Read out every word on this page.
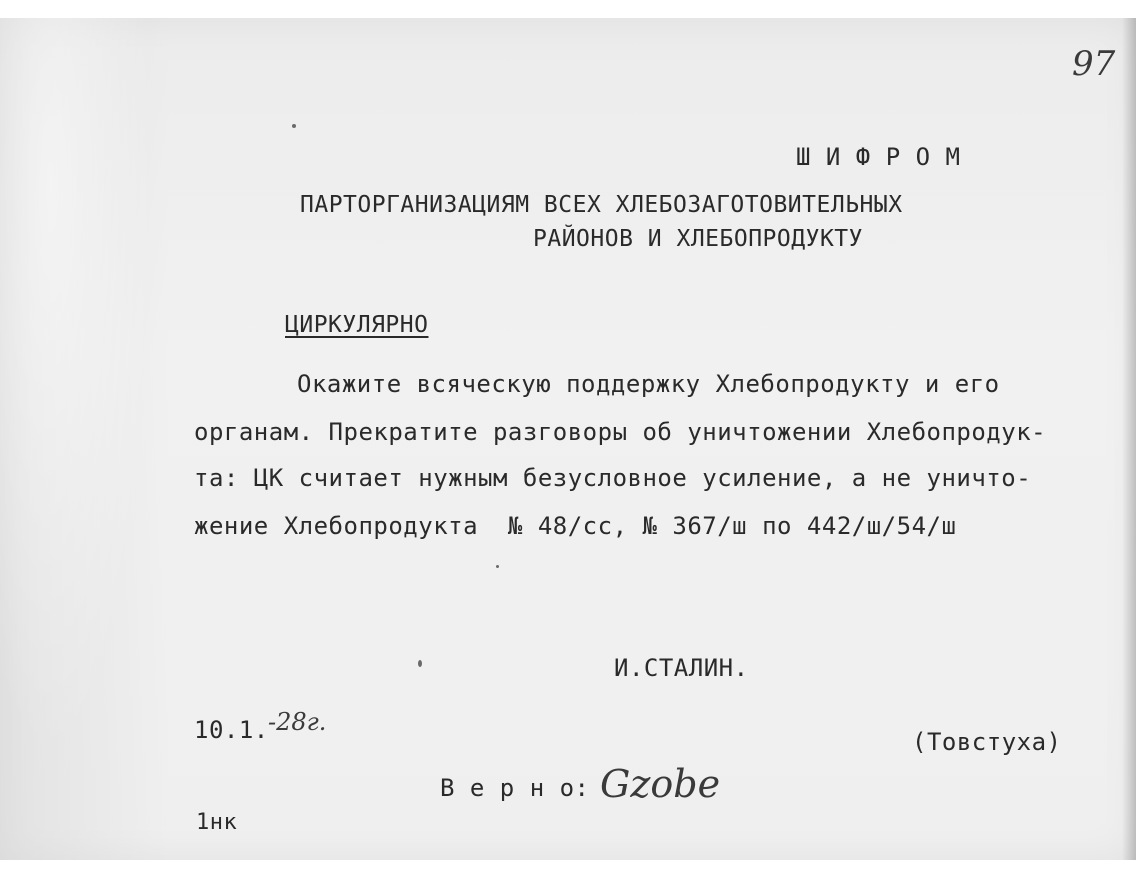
97
Ш И Ф Р О М
ПАРТОРГАНИЗАЦИЯМ ВСЕХ ХЛЕБОЗАГОТОВИТЕЛЬНЫХ
РАЙОНОВ И ХЛЕБОПРОДУКТУ
ЦИРКУЛЯРНО
Окажите всяческую поддержку Хлебопродукту и его
органам. Прекратите разговоры об уничтожении Хлебопродук-
та: ЦК считает нужным безусловное усиление, а не уничто-
жение Хлебопродукта  № 48/сс, № 367/ш по 442/ш/54/ш
И.СТАЛИН.
10.1. -28г.
(Товстуха)
В е р н о: Gzobe
1нк
